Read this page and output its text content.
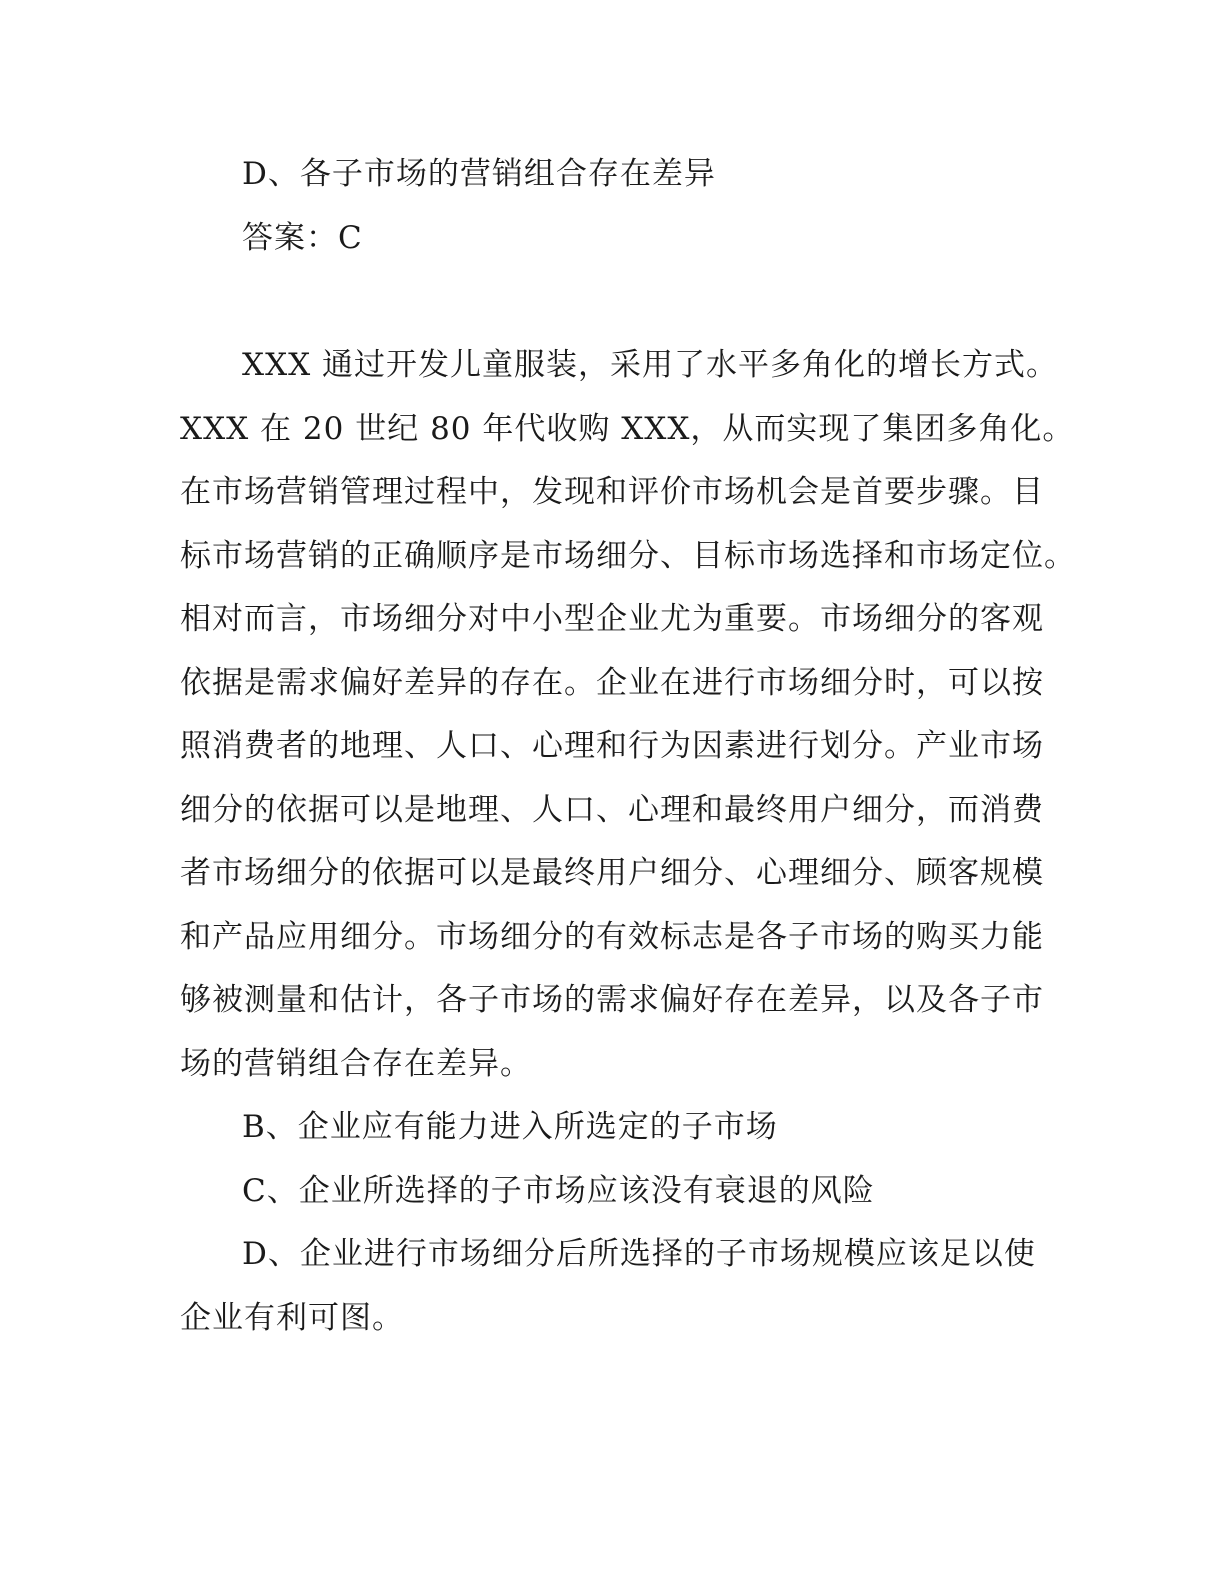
D、各子市场的营销组合存在差异
答案：C
XXX 通过开发儿童服装，采用了水平多角化的增长方式。
XXX 在 20 世纪 80 年代收购 XXX，从而实现了集团多角化。
在市场营销管理过程中，发现和评价市场机会是首要步骤。目
标市场营销的正确顺序是市场细分、目标市场选择和市场定位。
相对而言，市场细分对中小型企业尤为重要。市场细分的客观
依据是需求偏好差异的存在。企业在进行市场细分时，可以按
照消费者的地理、人口、心理和行为因素进行划分。产业市场
细分的依据可以是地理、人口、心理和最终用户细分，而消费
者市场细分的依据可以是最终用户细分、心理细分、顾客规模
和产品应用细分。市场细分的有效标志是各子市场的购买力能
够被测量和估计，各子市场的需求偏好存在差异，以及各子市
场的营销组合存在差异。
B、企业应有能力进入所选定的子市场
C、企业所选择的子市场应该没有衰退的风险
D、企业进行市场细分后所选择的子市场规模应该足以使
企业有利可图。
